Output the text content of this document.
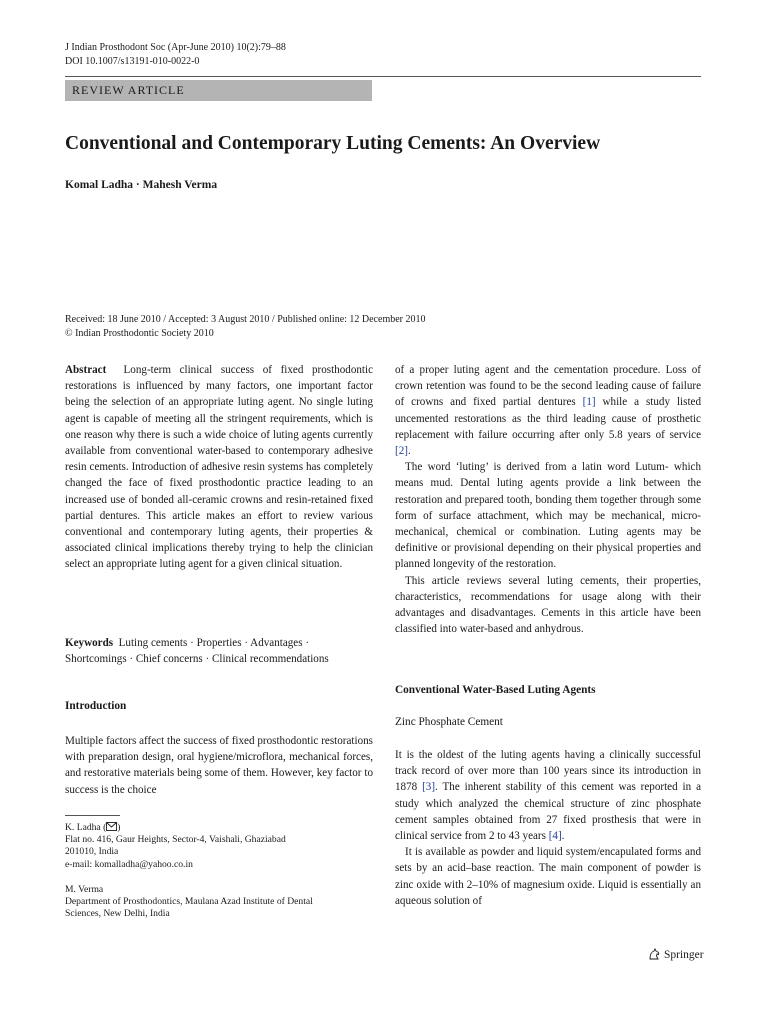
J Indian Prosthodont Soc (Apr-June 2010) 10(2):79–88
DOI 10.1007/s13191-010-0022-0
REVIEW ARTICLE
Conventional and Contemporary Luting Cements: An Overview
Komal Ladha · Mahesh Verma
Received: 18 June 2010 / Accepted: 3 August 2010 / Published online: 12 December 2010
© Indian Prosthodontic Society 2010

Abstract Long-term clinical success of fixed prosthodontic restorations is influenced by many factors, one important factor being the selection of an appropriate luting agent. No single luting agent is capable of meeting all the stringent requirements, which is one reason why there is such a wide choice of luting agents currently available from conventional water-based to contemporary adhesive resin cements. Introduction of adhesive resin systems has completely changed the face of fixed prosthodontic practice leading to an increased use of bonded all-ceramic crowns and resin-retained fixed partial dentures. This article makes an effort to review various conventional and contemporary luting agents, their properties & associated clinical implications thereby trying to help the clinician select an appropriate luting agent for a given clinical situation.

Keywords Luting cements · Properties · Advantages · Shortcomings · Chief concerns · Clinical recommendations
Introduction
Multiple factors affect the success of fixed prosthodontic restorations with preparation design, oral hygiene/microflora, mechanical forces, and restorative materials being some of them. However, key factor to success is the choice

K. Ladha ( )

Flat no. 416, Gaur Heights, Sector-4, Vaishali, Ghaziabad

201010, India

e-mail: komalladha@yahoo.co.in

M. Verma

Department of Prosthodontics, Maulana Azad Institute of Dental

Sciences, New Delhi, India

of a proper luting agent and the cementation procedure. Loss of crown retention was found to be the second leading cause of failure of crowns and fixed partial dentures [1] while a study listed uncemented restorations as the third leading cause of prosthetic replacement with failure occurring after only 5.8 years of service [2].

The word ‘luting’ is derived from a latin word Lutum- which means mud. Dental luting agents provide a link between the restoration and prepared tooth, bonding them together through some form of surface attachment, which may be mechanical, micro-mechanical, chemical or combination. Luting agents may be definitive or provisional depending on their physical properties and planned longevity of the restoration.

This article reviews several luting cements, their properties, characteristics, recommendations for usage along with their advantages and disadvantages. Cements in this article have been classified into water-based and anhydrous.

Conventional Water-Based Luting Agents
Zinc Phosphate Cement

It is the oldest of the luting agents having a clinically successful track record of over more than 100 years since its introduction in 1878 [3]. The inherent stability of this cement was reported in a study which analyzed the chemical structure of zinc phosphate cement samples obtained from 27 fixed prosthesis that were in clinical service from 2 to 43 years [4].

It is available as powder and liquid system/encapulated forms and sets by an acid–base reaction. The main component of powder is zinc oxide with 2–10% of magnesium oxide. Liquid is essentially an aqueous solution of

Springer
